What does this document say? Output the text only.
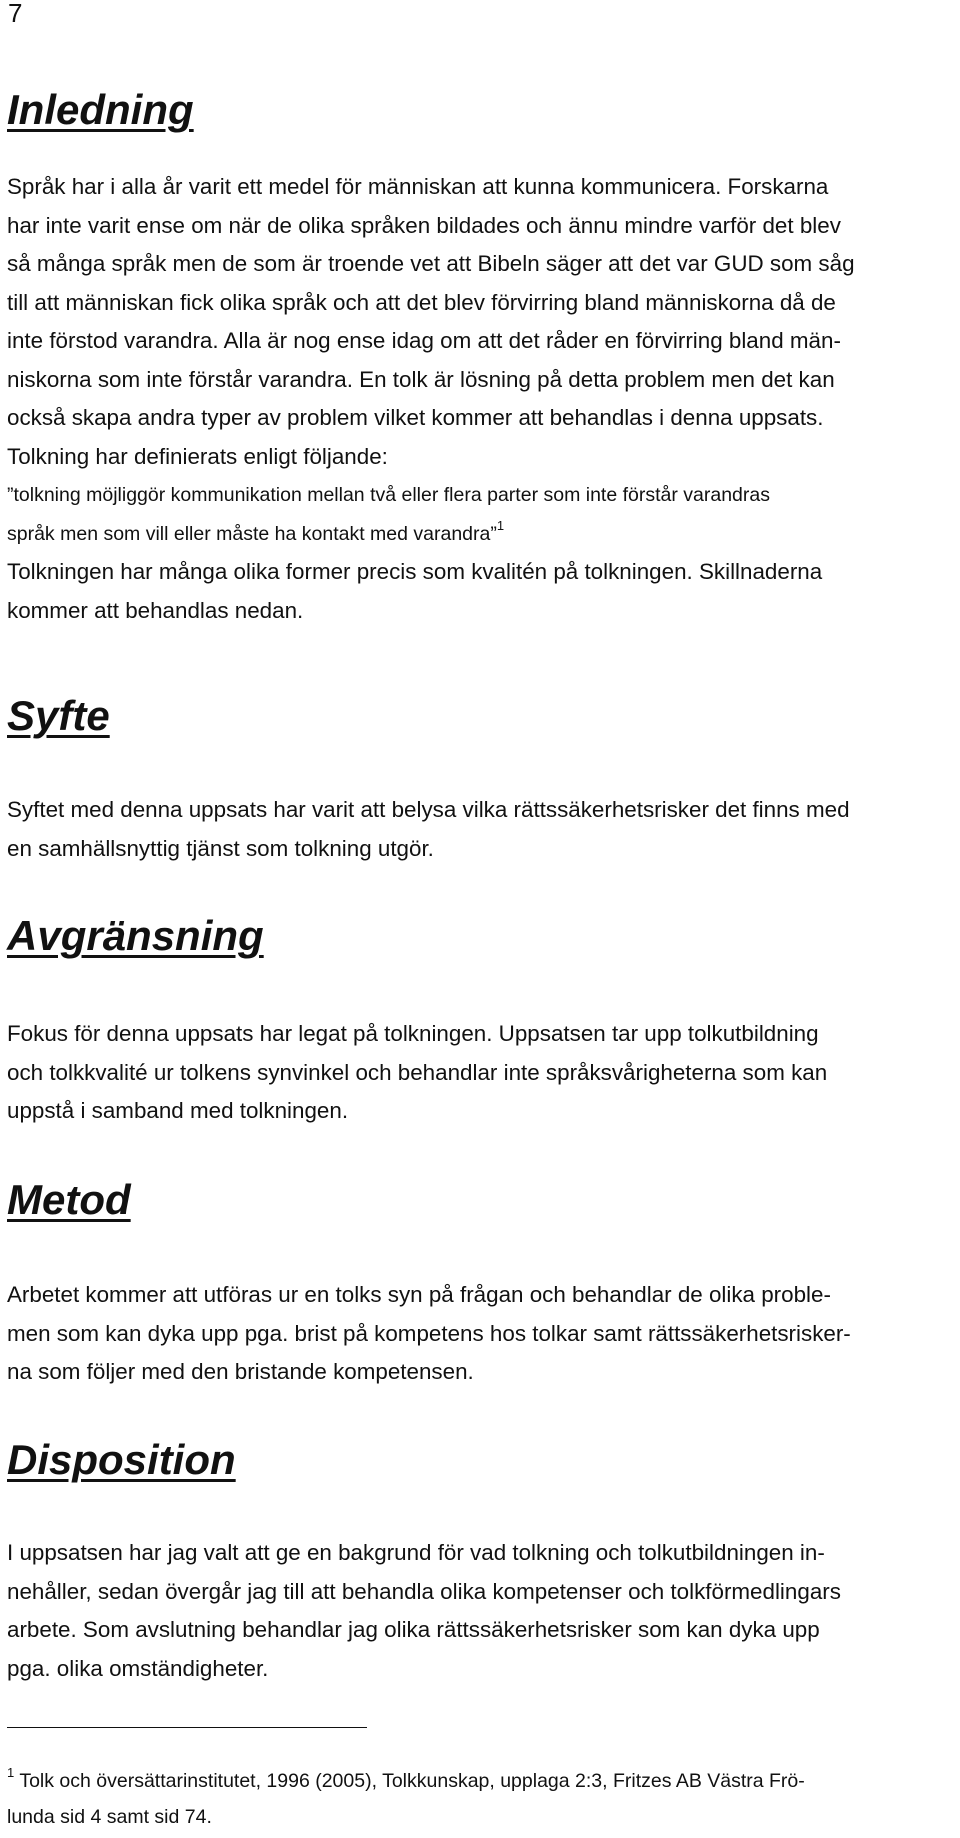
7
Inledning
Språk har i alla år varit ett medel för människan att kunna kommunicera. Forskarna
har inte varit ense om när de olika språken bildades och ännu mindre varför det blev
så många språk men de som är troende vet att Bibeln säger att det var GUD som såg
till att människan fick olika språk och att det blev förvirring bland människorna då de
inte förstod varandra. Alla är nog ense idag om att det råder en förvirring bland män-
niskorna som inte förstår varandra. En tolk är lösning på detta problem men det kan
också skapa andra typer av problem vilket kommer att behandlas i denna uppsats.
Tolkning har definierats enligt följande:
”tolkning möjliggör kommunikation mellan två eller flera parter som inte förstår varandras
språk men som vill eller måste ha kontakt med varandra”$^1$
Tolkningen har många olika former precis som kvalitén på tolkningen. Skillnaderna
kommer att behandlas nedan.
Syfte
Syftet med denna uppsats har varit att belysa vilka rättssäkerhetsrisker det finns med
en samhällsnyttig tjänst som tolkning utgör.
Avgränsning
Fokus för denna uppsats har legat på tolkningen. Uppsatsen tar upp tolkutbildning
och tolkkvalité ur tolkens synvinkel och behandlar inte språksvårigheterna som kan
uppstå i samband med tolkningen.
Metod
Arbetet kommer att utföras ur en tolks syn på frågan och behandlar de olika proble-
men som kan dyka upp pga. brist på kompetens hos tolkar samt rättssäkerhetsrisker-
na som följer med den bristande kompetensen.
Disposition
I uppsatsen har jag valt att ge en bakgrund för vad tolkning och tolkutbildningen in-
nehåller, sedan övergår jag till att behandla olika kompetenser och tolkförmedlingars
arbete. Som avslutning behandlar jag olika rättssäkerhetsrisker som kan dyka upp
pga. olika omständigheter.
$^1$ Tolk och översättarinstitutet, 1996 (2005), Tolkkunskap, upplaga 2:3, Fritzes AB Västra Frö-
lunda sid 4 samt sid 74.
